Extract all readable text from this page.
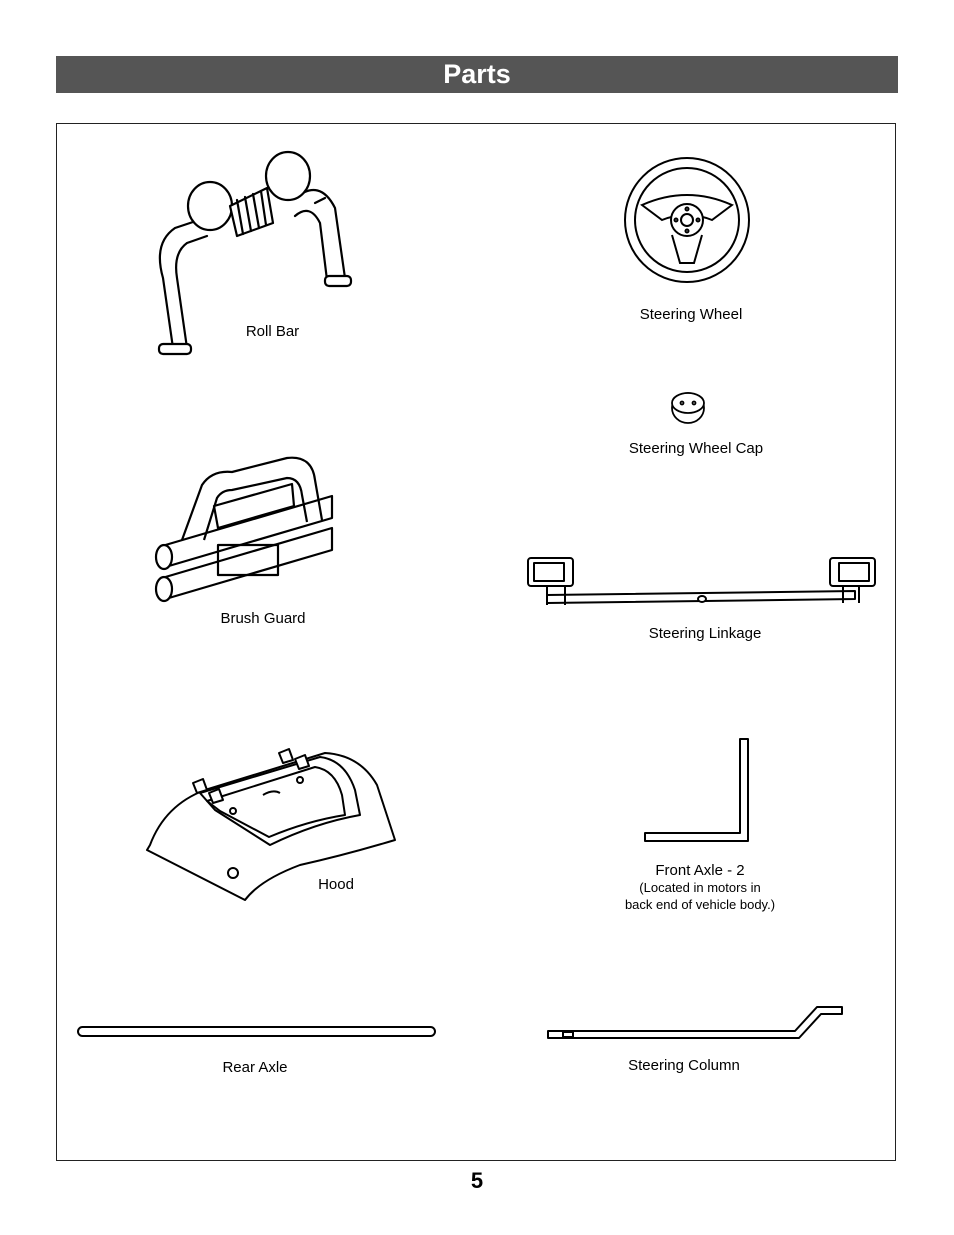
Parts
Roll Bar
Steering Wheel
Steering Wheel Cap
Brush Guard
Steering Linkage
Hood
Front Axle - 2
(Located in motors in
back end of vehicle body.)
Rear Axle	Steering Column
5
